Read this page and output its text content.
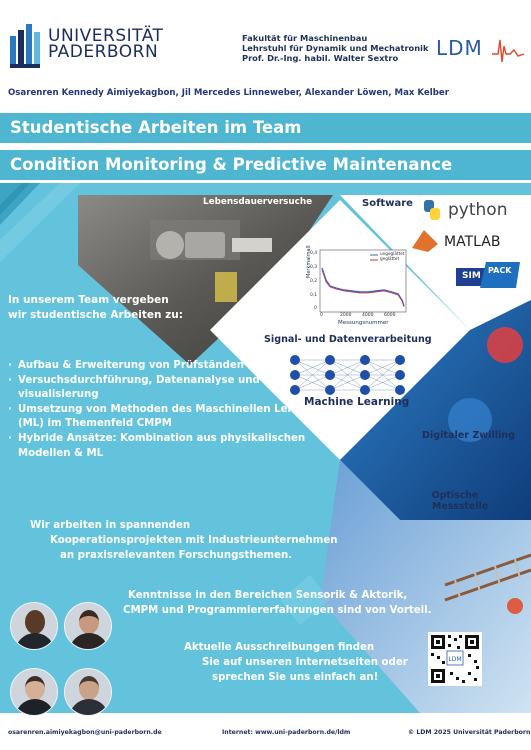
UNIVERSITÄT
PADERBORN
Fakultät für Maschinenbau
Lehrstuhl für Dynamik und Mechatronik
Prof. Dr.-Ing. habil. Walter Sextro	LDM
Osarenren Kennedy Aimiyekagbon, Jil Mercedes Linneweber, Alexander Löwen, Max Kelber
Studentische Arbeiten im Team
Condition Monitoring & Predictive Maintenance
Merkmalmaß
Messungsnummer
ungeglättet
geglättet
0,4
0,3
0,2
0,1
0
0	2000 4000 6000
Lebensdauerversuche	Software python
MATLAB
SIM
PACK
Signal- und Datenverarbeitung
Machine Learning
Digitaler Zwilling
Optische
Messstelle
In unserem Team vergeben
wir studentische Arbeiten zu:
· Aufbau & Erweiterung von Prüfständen
· Versuchsdurchführung, Datenanalyse und -visualisierung
· Umsetzung von Methoden des Maschinellen Lernens (ML) im Themenfeld CMPM
· Hybride Ansätze: Kombination aus physikalischen Modellen & ML
Wir arbeiten in spannenden
Kooperationsprojekten mit Industrieunternehmen
an praxisrelevanten Forschungsthemen.
Kenntnisse in den Bereichen Sensorik & Aktorik,
CMPM und Programmiererfahrungen sind von Vorteil.
Aktuelle Ausschreibungen finden
Sie auf unseren Internetseiten oder
sprechen Sie uns einfach an!
LDM
osarenren.aimiyekagbon@uni-paderborn.de	Internet: www.uni-paderborn.de/ldm	© LDM 2025 Universität Paderborn
